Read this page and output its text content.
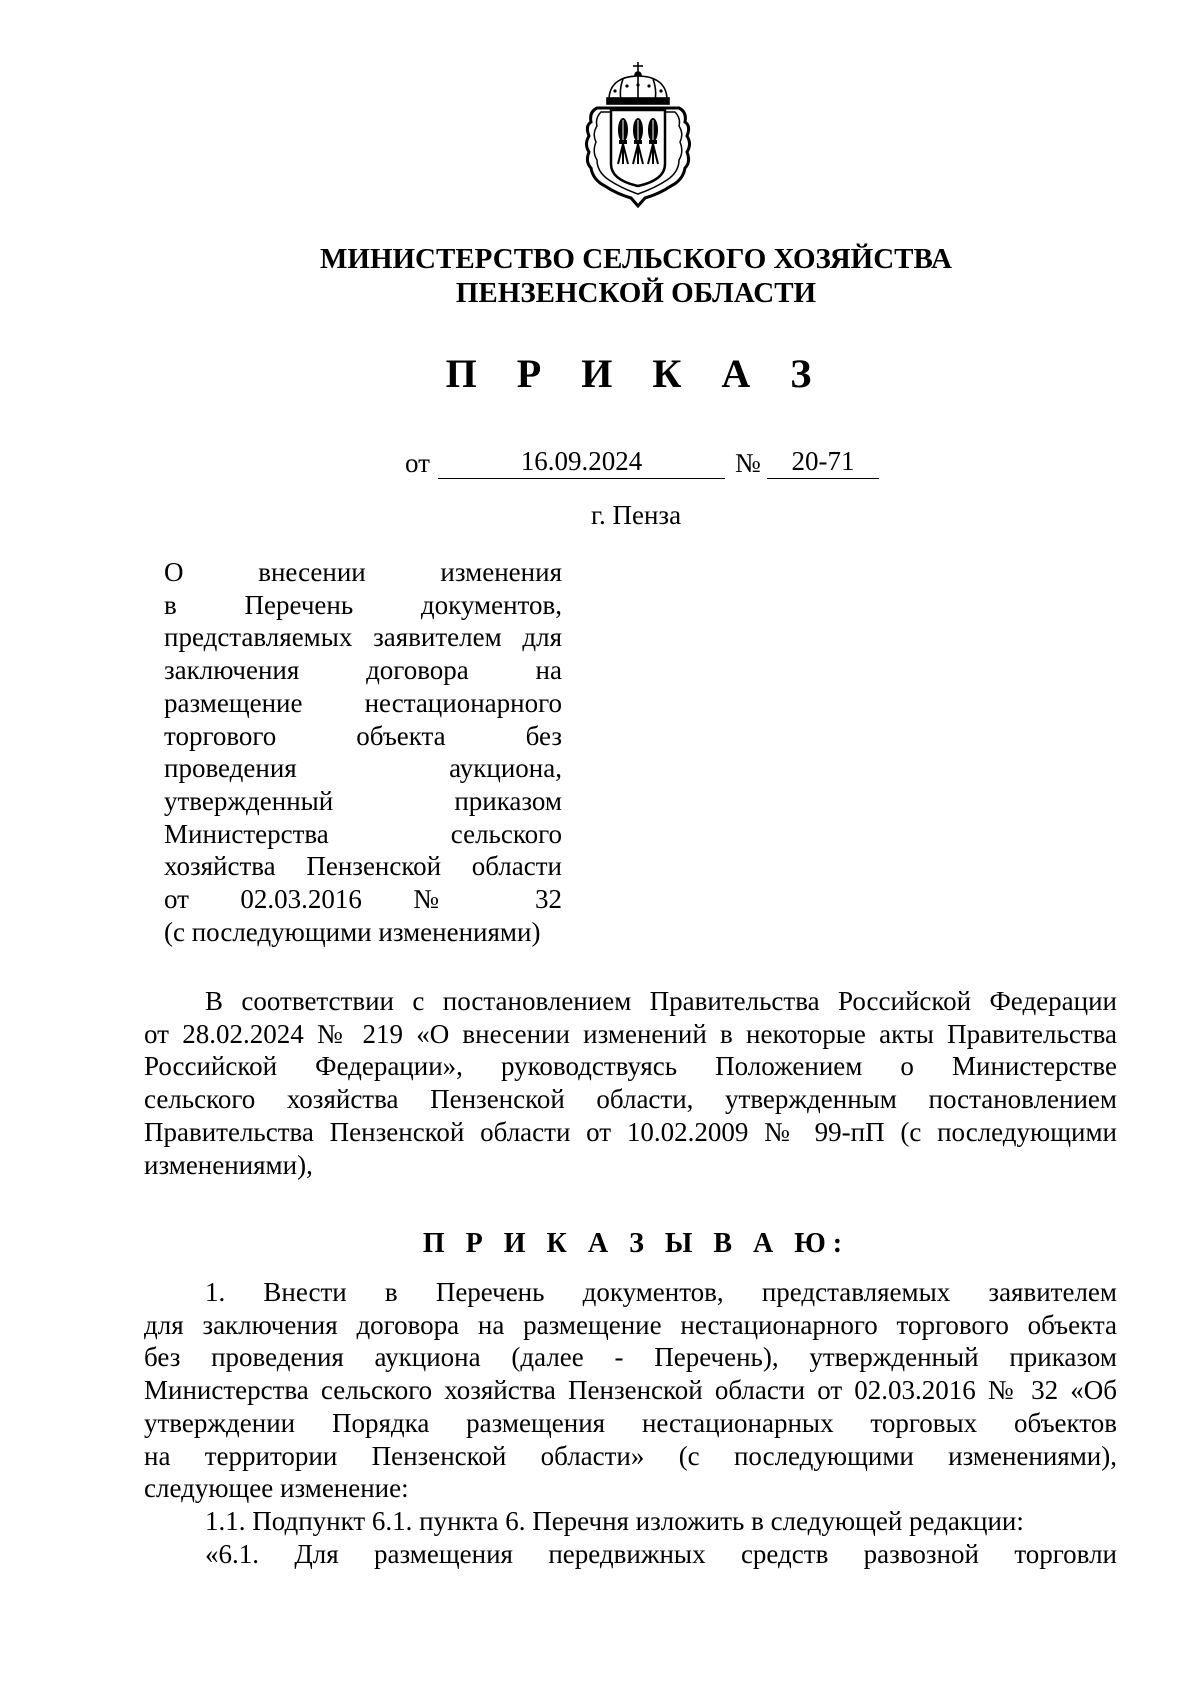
МИНИСТЕРСТВО СЕЛЬСКОГО ХОЗЯЙСТВА
ПЕНЗЕНСКОЙ ОБЛАСТИ
П Р И К А З
от	16.09.2024	№	20-71
г. Пенза
О внесении изменения
в Перечень документов,
представляемых заявителем для
заключения договора на
размещение нестационарного
торгового объекта без
проведения аукциона,
утвержденный приказом
Министерства сельского
хозяйства Пензенской области
от 02.03.2016 № 32
(с последующими изменениями)
В соответствии с постановлением Правительства Российской Федерации
от 28.02.2024 № 219 «О внесении изменений в некоторые акты Правительства
Российской Федерации», руководствуясь Положением о Министерстве
сельского хозяйства Пензенской области, утвержденным постановлением
Правительства Пензенской области от 10.02.2009 № 99-пП (с последующими
изменениями),
П Р И К А З Ы В А Ю:
1. Внести в Перечень документов, представляемых заявителем
для заключения договора на размещение нестационарного торгового объекта
без проведения аукциона (далее - Перечень), утвержденный приказом
Министерства сельского хозяйства Пензенской области от 02.03.2016 № 32 «Об
утверждении Порядка размещения нестационарных торговых объектов
на территории Пензенской области» (с последующими изменениями),
следующее изменение:
1.1. Подпункт 6.1. пункта 6. Перечня изложить в следующей редакции:
«6.1. Для размещения передвижных средств развозной торговли
